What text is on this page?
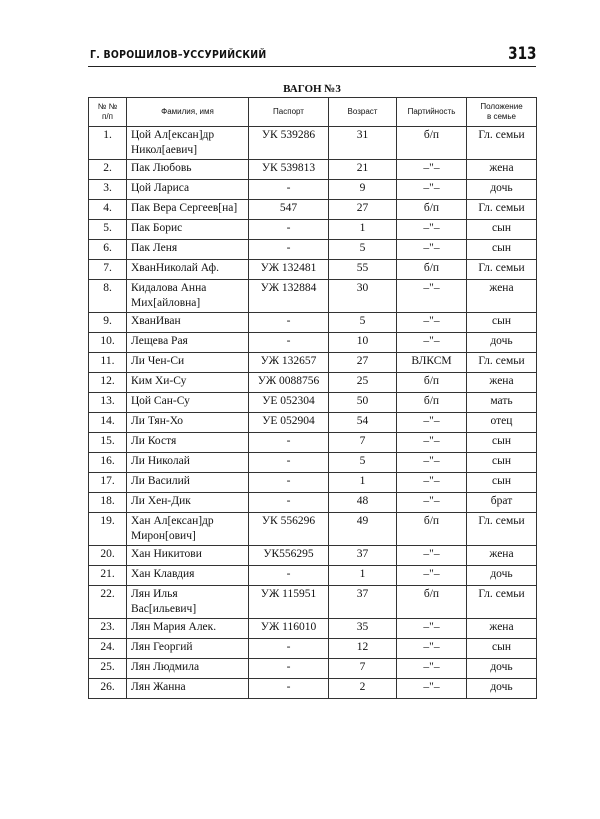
Г. ВОРОШИЛОВ–УССУРИЙСКИЙ	313
ВАГОН №3
№ №
п/п	Фамилия, имя	Паспорт	Возраст	Партийность	Положение
в семье
1.	Цой Ал[ексан]др
Никол[аевич]	УК 539286	31	б/п	Гл. семьи
2.	Пак Любовь	УК 539813	21	–"–	жена
3.	Цой Лариса	-	9	–"–	дочь
4.	Пак Вера Сергеев[на]	547	27	б/п	Гл. семьи
5.	Пак Борис	-	1	–"–	сын
6.	Пак Леня	-	5	–"–	сын
7.	ХванНиколай Аф.	УЖ 132481	55	б/п	Гл. семьи
8.	Кидалова Анна
Мих[айловна]	УЖ 132884	30	–"–	жена
9.	ХванИван	-	5	–"–	сын
10.	Лещева Рая	-	10	–"–	дочь
11.	Ли Чен-Си	УЖ 132657	27	ВЛКСМ	Гл. семьи
12.	Ким Хи-Су	УЖ 0088756	25	б/п	жена
13.	Цой Сан-Су	УЕ 052304	50	б/п	мать
14.	Ли Тян-Хо	УЕ 052904	54	–"–	отец
15.	Ли Костя	-	7	–"–	сын
16.	Ли Николай	-	5	–"–	сын
17.	Ли Василий	-	1	–"–	сын
18.	Ли Хен-Дик	-	48	–"–	брат
19.	Хан Ал[ексан]др
Мирон[ович]	УК 556296	49	б/п	Гл. семьи
20.	Хан Никитови	УК556295	37	–"–	жена
21.	Хан Клавдия	-	1	–"–	дочь
22.	Лян Илья Вас[ильевич]	УЖ 115951	37	б/п	Гл. семьи
23.	Лян Мария Алек.	УЖ 116010	35	–"–	жена
24.	Лян Георгий	-	12	–"–	сын
25.	Лян Людмила	-	7	–"–	дочь
26.	Лян Жанна	-	2	–"–	дочь
